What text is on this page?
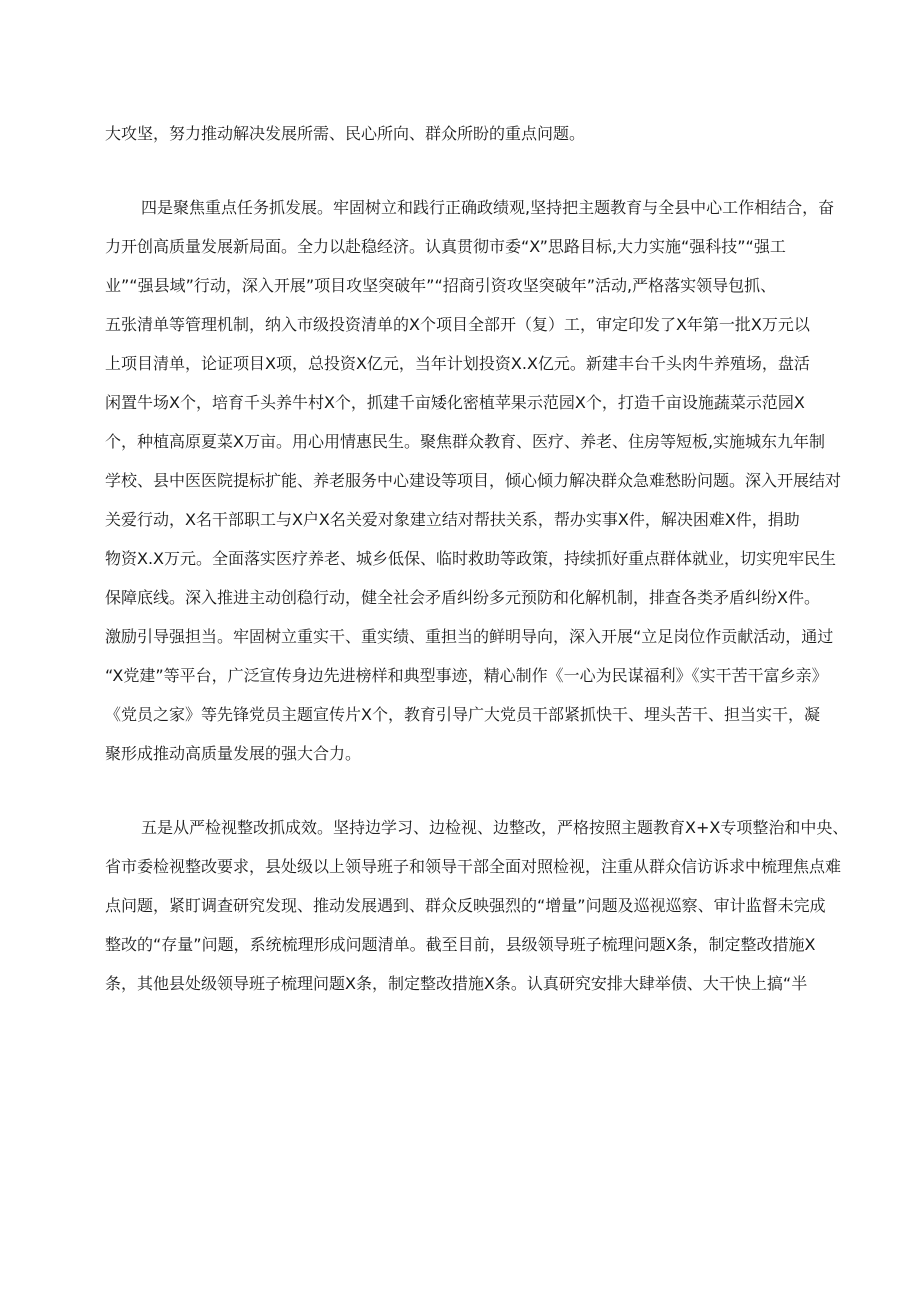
大攻坚，努力推动解决发展所需、民心所向、群众所盼的重点问题。

四是聚焦重点任务抓发展。牢固树立和践行正确政绩观,坚持把主题教育与全县中心工作相结合，奋

力开创高质量发展新局面。全力以赴稳经济。认真贯彻市委“X”思路目标,大力实施“强科技”“强工

业”“强县域”行动，深入开展”项目攻坚突破年”“招商引资攻坚突破年”活动,严格落实领导包抓、

五张清单等管理机制，纳入市级投资清单的X个项目全部开（复）工，审定印发了X年第一批X万元以

上项目清单，论证项目X项，总投资X亿元，当年计划投资X.X亿元。新建丰台千头肉牛养殖场，盘活

闲置牛场X个，培育千头养牛村X个，抓建千亩矮化密植苹果示范园X个，打造千亩设施蔬菜示范园X

个，种植高原夏菜X万亩。用心用情惠民生。聚焦群众教育、医疗、养老、住房等短板,实施城东九年制

学校、县中医医院提标扩能、养老服务中心建设等项目，倾心倾力解决群众急难愁盼问题。深入开展结对

关爱行动，X名干部职工与X户X名关爱对象建立结对帮扶关系，帮办实事X件，解决困难X件，捐助

物资X.X万元。全面落实医疗养老、城乡低保、临时救助等政策，持续抓好重点群体就业，切实兜牢民生

保障底线。深入推进主动创稳行动，健全社会矛盾纠纷多元预防和化解机制，排查各类矛盾纠纷X件。

激励引导强担当。牢固树立重实干、重实绩、重担当的鲜明导向，深入开展“立足岗位作贡献活动，通过

“X党建”等平台，广泛宣传身边先进榜样和典型事迹，精心制作《一心为民谋福利》《实干苦干富乡亲》

《党员之家》等先锋党员主题宣传片X个，教育引导广大党员干部紧抓快干、埋头苦干、担当实干，凝

聚形成推动高质量发展的强大合力。

五是从严检视整改抓成效。坚持边学习、边检视、边整改，严格按照主题教育X+X专项整治和中央、

省市委检视整改要求，县处级以上领导班子和领导干部全面对照检视，注重从群众信访诉求中梳理焦点难

点问题，紧盯调查研究发现、推动发展遇到、群众反映强烈的“增量”问题及巡视巡察、审计监督未完成

整改的“存量”问题，系统梳理形成问题清单。截至目前，县级领导班子梳理问题X条，制定整改措施X

条，其他县处级领导班子梳理问题X条，制定整改措施X条。认真研究安排大肆举债、大干快上搞“半
